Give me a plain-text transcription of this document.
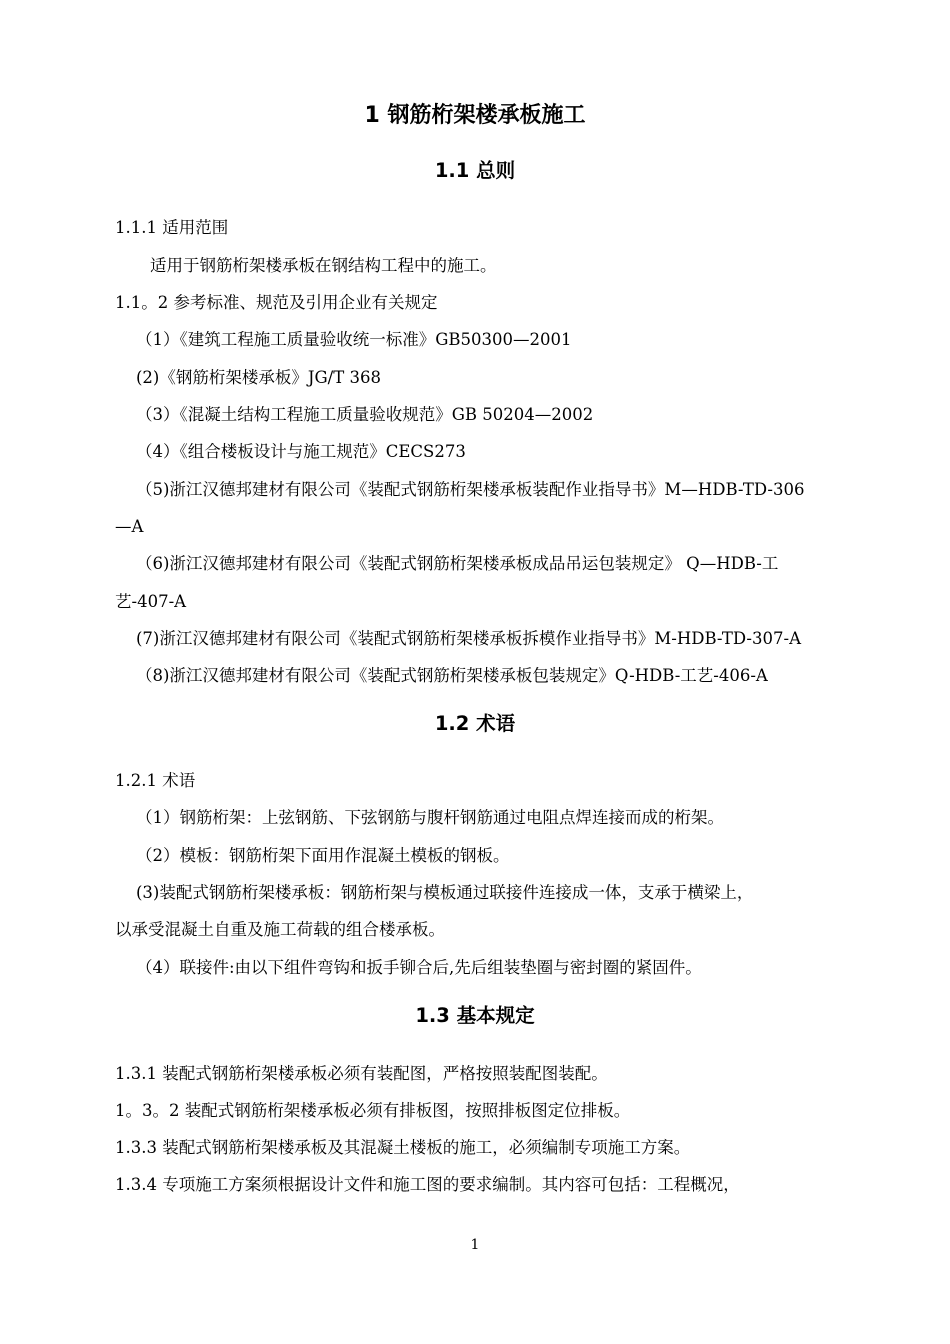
1 钢筋桁架楼承板施工
1.1 总则
1.1.1 适用范围
适用于钢筋桁架楼承板在钢结构工程中的施工。
1.1。2 参考标准、规范及引用企业有关规定
（1）《建筑工程施工质量验收统一标准》GB50300—2001
(2)《钢筋桁架楼承板》JG/T 368
（3）《混凝土结构工程施工质量验收规范》GB 50204—2002
（4）《组合楼板设计与施工规范》CECS273
（5)浙江汉德邦建材有限公司《装配式钢筋桁架楼承板装配作业指导书》M—HDB-TD-306
—A
（6)浙江汉德邦建材有限公司《装配式钢筋桁架楼承板成品吊运包装规定》 Q—HDB-工
艺-407-A
(7)浙江汉德邦建材有限公司《装配式钢筋桁架楼承板拆模作业指导书》M-HDB-TD-307-A
（8)浙江汉德邦建材有限公司《装配式钢筋桁架楼承板包装规定》Q-HDB-工艺-406-A
1.2 术语
1.2.1 术语
（1）钢筋桁架：上弦钢筋、下弦钢筋与腹杆钢筋通过电阻点焊连接而成的桁架。
（2）模板：钢筋桁架下面用作混凝土模板的钢板。
(3)装配式钢筋桁架楼承板：钢筋桁架与模板通过联接件连接成一体，支承于横梁上，
以承受混凝土自重及施工荷载的组合楼承板。
（4）联接件:由以下组件弯钩和扳手铆合后,先后组装垫圈与密封圈的紧固件。
1.3 基本规定
1.3.1 装配式钢筋桁架楼承板必须有装配图，严格按照装配图装配。
1。3。2 装配式钢筋桁架楼承板必须有排板图，按照排板图定位排板。
1.3.3 装配式钢筋桁架楼承板及其混凝土楼板的施工，必须编制专项施工方案。
1.3.4 专项施工方案须根据设计文件和施工图的要求编制。其内容可包括：工程概况，
1
